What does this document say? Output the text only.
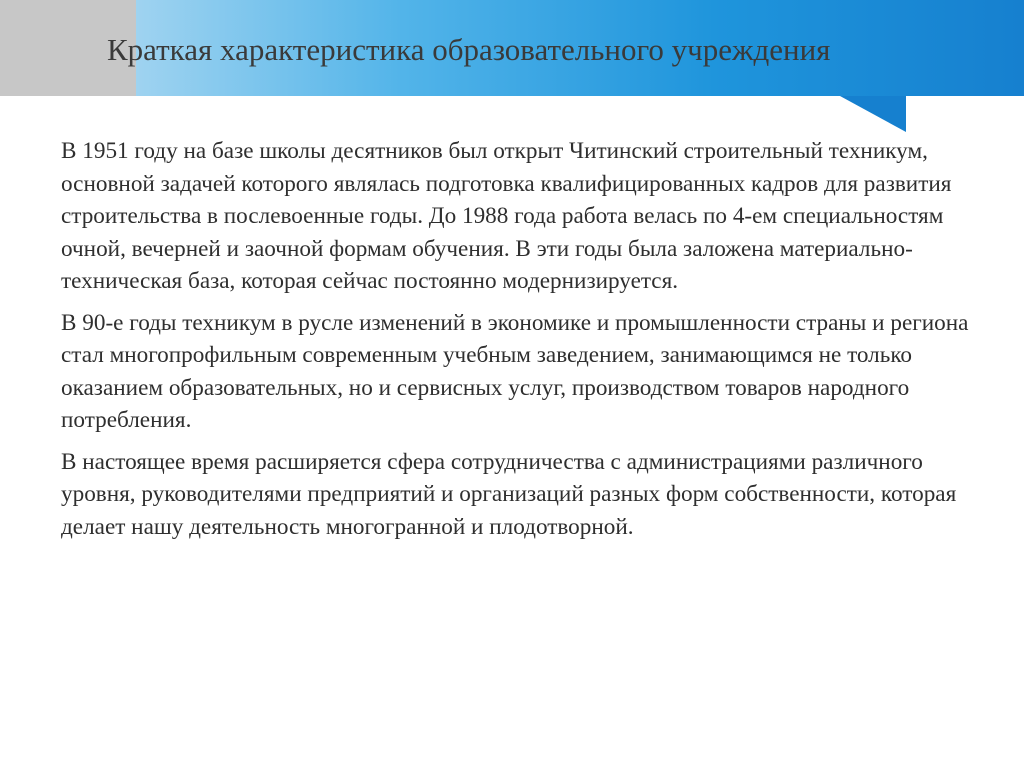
Краткая характеристика образовательного учреждения

В 1951 году на базе школы десятников был открыт Читинский строительный техникум, основной задачей которого являлась подготовка квалифицированных кадров для развития строительства в послевоенные годы. До 1988 года работа велась по 4-ем специальностям очной, вечерней и заочной формам обучения. В эти годы была заложена материально-техническая база, которая сейчас постоянно модернизируется.

В 90-е годы техникум в русле изменений в экономике и промышленности страны и региона стал многопрофильным современным учебным заведением, занимающимся не только оказанием образовательных, но и сервисных услуг, производством товаров народного потребления.

В настоящее время расширяется сфера сотрудничества с администрациями различного уровня, руководителями предприятий и организаций разных форм собственности, которая делает нашу деятельность многогранной и плодотворной.
